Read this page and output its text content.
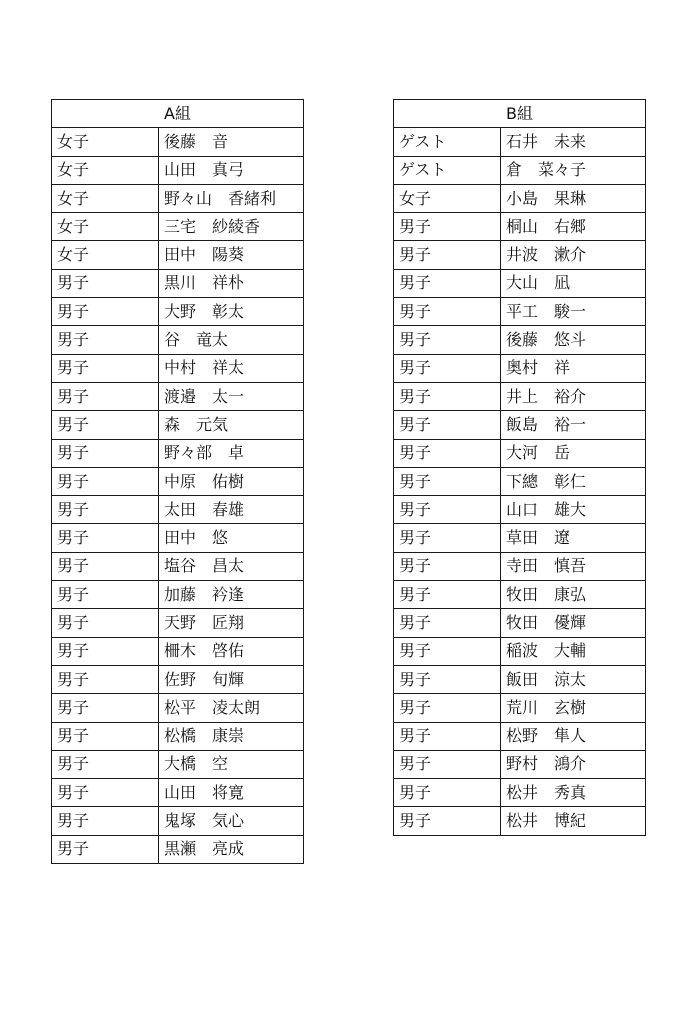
A組	
女子	後藤　音
女子	山田　真弓
女子	野々山　香緒利
女子	三宅　紗綾香
女子	田中　陽葵
男子	黒川　祥朴
男子	大野　彰太
男子	谷　竜太
男子	中村　祥太
男子	渡邉　太一
男子	森　元気
男子	野々部　卓
男子	中原　佑樹
男子	太田　春雄
男子	田中　悠
男子	塩谷　昌太
男子	加藤　衿逢
男子	天野　匠翔
男子	柵木　啓佑
男子	佐野　旬輝
男子	松平　凌太朗
男子	松橋　康崇
男子	大橋　空
男子	山田　将寛
男子	鬼塚　気心
男子	黒瀬　亮成
B組	
ゲスト	石井　未来
ゲスト	倉　菜々子
女子	小島　果琳
男子	桐山　右郷
男子	井波　漱介
男子	大山　凪
男子	平工　駿一
男子	後藤　悠斗
男子	奥村　祥
男子	井上　裕介
男子	飯島　裕一
男子	大河　岳
男子	下總　彰仁
男子	山口　雄大
男子	草田　遼
男子	寺田　慎吾
男子	牧田　康弘
男子	牧田　優輝
男子	稲波　大輔
男子	飯田　涼太
男子	荒川　玄樹
男子	松野　隼人
男子	野村　鴻介
男子	松井　秀真
男子	松井　博紀
